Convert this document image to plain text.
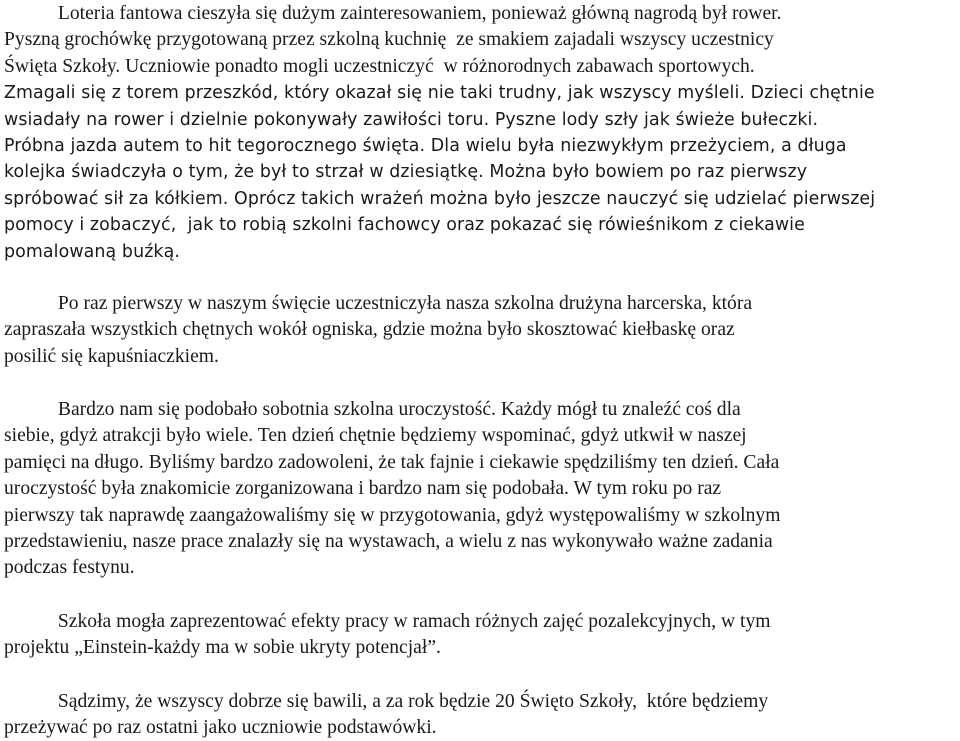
Loteria fantowa cieszyła się dużym zainteresowaniem, ponieważ główną nagrodą był rower.
Pyszną grochówkę przygotowaną przez szkolną kuchnię  ze smakiem zajadali wszyscy uczestnicy
Święta Szkoły. Uczniowie ponadto mogli uczestniczyć  w różnorodnych zabawach sportowych.
Zmagali się z torem przeszkód, który okazał się nie taki trudny, jak wszyscy myśleli. Dzieci chętnie
wsiadały na rower i dzielnie pokonywały zawiłości toru. Pyszne lody szły jak świeże bułeczki.
Próbna jazda autem to hit tegorocznego święta. Dla wielu była niezwykłym przeżyciem, a długa
kolejka świadczyła o tym, że był to strzał w dziesiątkę. Można było bowiem po raz pierwszy
spróbować sił za kółkiem. Oprócz takich wrażeń można było jeszcze nauczyć się udzielać pierwszej
pomocy i zobaczyć,  jak to robią szkolni fachowcy oraz pokazać się rówieśnikom z ciekawie
pomalowaną buźką.
Po raz pierwszy w naszym święcie uczestniczyła nasza szkolna drużyna harcerska, która
zapraszała wszystkich chętnych wokół ogniska, gdzie można było skosztować kiełbaskę oraz
posilić się kapuśniaczkiem.
Bardzo nam się podobało sobotnia szkolna uroczystość. Każdy mógł tu znaleźć coś dla
siebie, gdyż atrakcji było wiele. Ten dzień chętnie będziemy wspominać, gdyż utkwił w naszej
pamięci na długo. Byliśmy bardzo zadowoleni, że tak fajnie i ciekawie spędziliśmy ten dzień. Cała
uroczystość była znakomicie zorganizowana i bardzo nam się podobała. W tym roku po raz
pierwszy tak naprawdę zaangażowaliśmy się w przygotowania, gdyż występowaliśmy w szkolnym
przedstawieniu, nasze prace znalazły się na wystawach, a wielu z nas wykonywało ważne zadania
podczas festynu.
Szkoła mogła zaprezentować efekty pracy w ramach różnych zajęć pozalekcyjnych, w tym
projektu „Einstein-każdy ma w sobie ukryty potencjał”.
Sądzimy, że wszyscy dobrze się bawili, a za rok będzie 20 Święto Szkoły,  które będziemy
przeżywać po raz ostatni jako uczniowie podstawówki.
